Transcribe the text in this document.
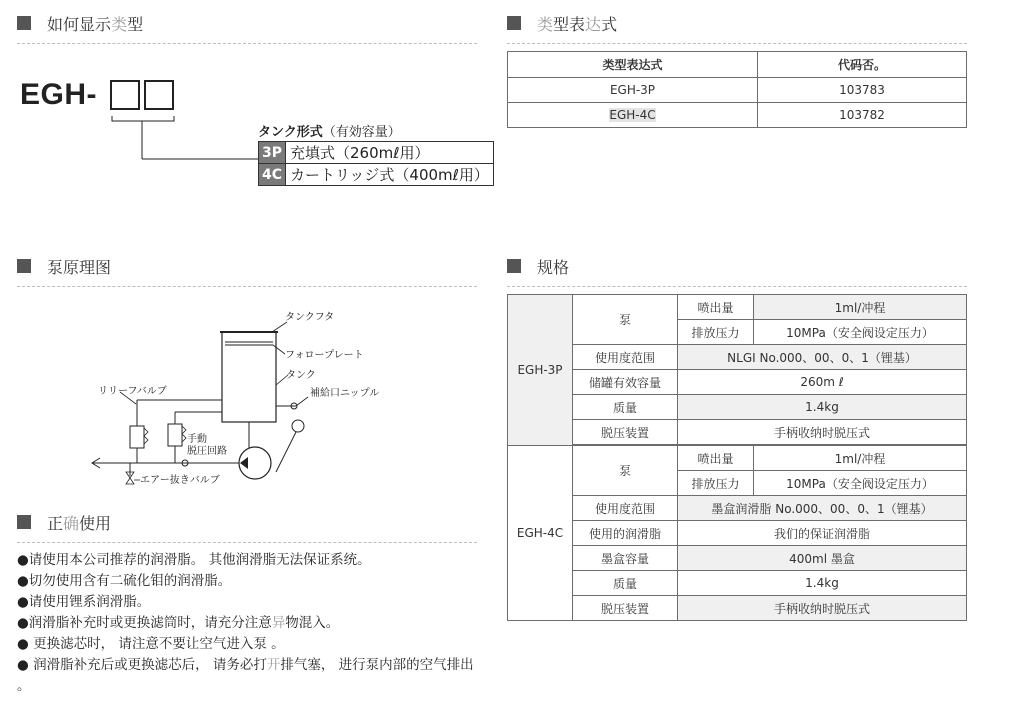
如 何 显 示 类 型
EGH-
タンク形式（有効容量）
3P	充填式（260mℓ用）
4C	カートリッジ式（400mℓ用）
类 型 表 达 式
类型表达式	代码否。
EGH-3P	103783
EGH-4C	103782
泵 原 理 图
タンクフタ
フォロープレート
タンク
補給口ニップル
リリーフバルブ
手動
脱圧回路
エアー抜きバルブ
规 格
EGH-3P	泵	喷出量	1ml/冲程
		排放压力	10MPa（安全阀设定压力）
	使用度范围	NLGI No.000、00、0、1（锂基）	
	储罐有效容量	260m ℓ	
	质量	1.4kg	
	脱压装置	手柄收纳时脱压式	

EGH-4C	泵	喷出量	1ml/冲程
		排放压力	10MPa（安全阀设定压力）
	使用度范围	墨盒润滑脂 No.000、00、0、1（锂基）	
	使用的润滑脂	我们的保证润滑脂	
	墨盒容量	400ml 墨盒	
	质量	1.4kg	
	脱压装置	手柄收纳时脱压式	
正 确 使 用

●请使用本公司推荐的润滑脂。 其他润滑脂无法保证系统。

●切勿使用含有二硫化钼的润滑脂。

●请使用锂系润滑脂。

●润滑脂补充时或更换滤筒时，请充分注意异物混入。

● 更换滤芯时， 请注意不要让空气进入泵 。

● 润滑脂补充后或更换滤芯后， 请务必打开排气塞， 进行泵内部的空气排出 。
